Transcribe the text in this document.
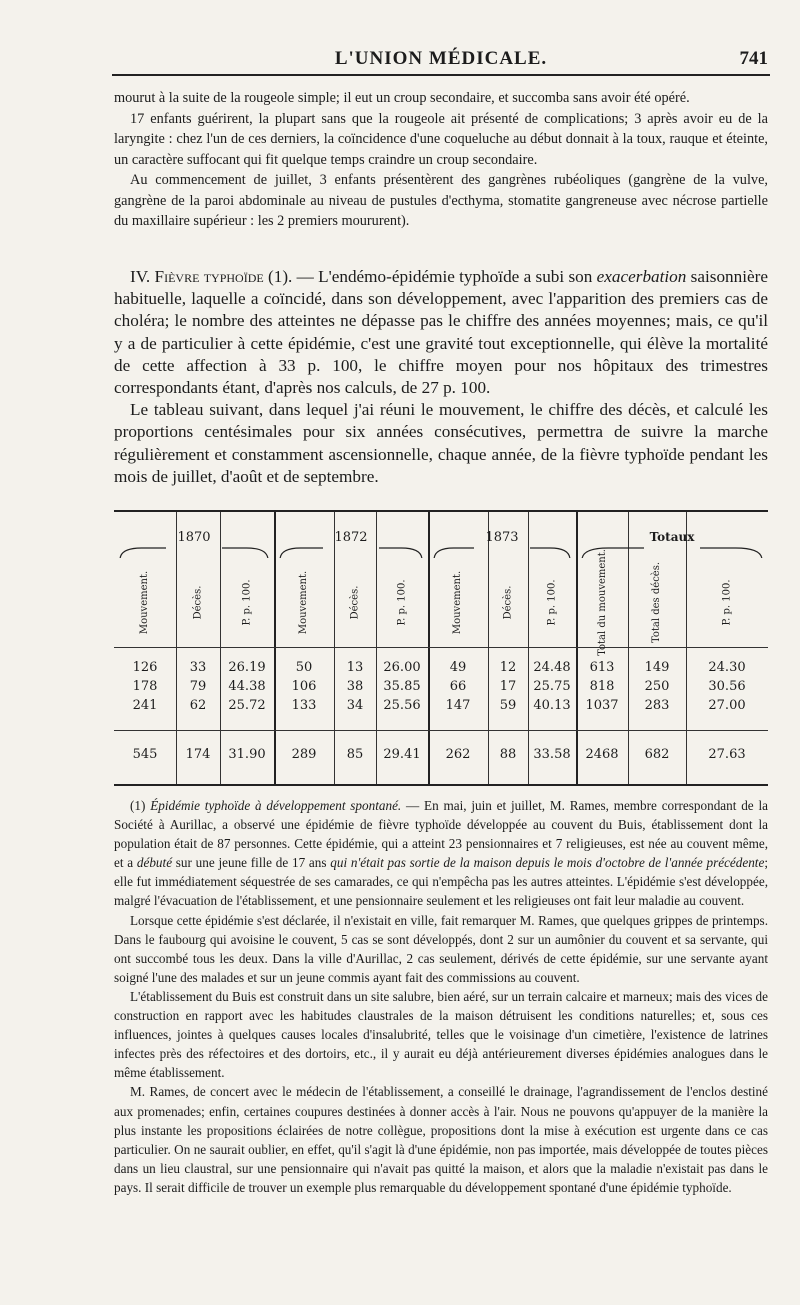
L'UNION MÉDICALE.	741

mourut à la suite de la rougeole simple; il eut un croup secondaire, et succomba sans avoir été opéré.

17 enfants guérirent, la plupart sans que la rougeole ait présenté de complications; 3 après avoir eu de la laryngite : chez l'un de ces derniers, la coïncidence d'une coqueluche au début donnait à la toux, rauque et éteinte, un caractère suffocant qui fit quelque temps craindre un croup secondaire.

Au commencement de juillet, 3 enfants présentèrent des gangrènes rubéoliques (gangrène de la vulve, gangrène de la paroi abdominale au niveau de pustules d'ecthyma, stomatite gangreneuse avec nécrose partielle du maxillaire supérieur : les 2 premiers moururent).

IV. Fièvre typhoïde (1). — L'endémo-épidémie typhoïde a subi son exacerbation saisonnière habituelle, laquelle a coïncidé, dans son développement, avec l'apparition des premiers cas de choléra; le nombre des atteintes ne dépasse pas le chiffre des années moyennes; mais, ce qu'il y a de particulier à cette épidémie, c'est une gravité tout exceptionnelle, qui élève la mortalité de cette affection à 33 p. 100, le chiffre moyen pour nos hôpitaux des trimestres correspondants étant, d'après nos calculs, de 27 p. 100.

Le tableau suivant, dans lequel j'ai réuni le mouvement, le chiffre des décès, et calculé les proportions centésimales pour six années consécutives, permettra de suivre la marche régulièrement et constamment ascensionnelle, chaque année, de la fièvre typhoïde pendant les mois de juillet, d'août et de septembre.

1870	1872	1873	Totaux
Mouvement.	Décès.	P. p. 100.	Mouvement.	Décès.	P. p. 100.	Mouvement.	Décès.	P. p. 100.	Total du mouvement.	Total des décès.	P. p. 100.
126	33	26.19	50	13	26.00	49	12	24.48	613	149	24.30
178	79	44.38	106	38	35.85	66	17	25.75	818	250	30.56
241	62	25.72	133	34	25.56	147	59	40.13	1037	283	27.00
545	174	31.90	289	85	29.41	262	88	33.58	2468	682	27.63

(1) Épidémie typhoïde à développement spontané. — En mai, juin et juillet, M. Rames, membre correspondant de la Société à Aurillac, a observé une épidémie de fièvre typhoïde développée au couvent du Buis, établissement dont la population était de 87 personnes. Cette épidémie, qui a atteint 23 pensionnaires et 7 religieuses, est née au couvent même, et a débuté sur une jeune fille de 17 ans qui n'était pas sortie de la maison depuis le mois d'octobre de l'année précédente; elle fut immédiatement séquestrée de ses camarades, ce qui n'empêcha pas les autres atteintes. L'épidémie s'est développée, malgré l'évacuation de l'établissement, et une pensionnaire seulement et les religieuses ont fait leur maladie au couvent.

Lorsque cette épidémie s'est déclarée, il n'existait en ville, fait remarquer M. Rames, que quelques grippes de printemps. Dans le faubourg qui avoisine le couvent, 5 cas se sont développés, dont 2 sur un aumônier du couvent et sa servante, qui ont succombé tous les deux. Dans la ville d'Aurillac, 2 cas seulement, dérivés de cette épidémie, sur une servante ayant soigné l'une des malades et sur un jeune commis ayant fait des commissions au couvent.

L'établissement du Buis est construit dans un site salubre, bien aéré, sur un terrain calcaire et marneux; mais des vices de construction en rapport avec les habitudes claustrales de la maison détruisent les conditions naturelles; et, sous ces influences, jointes à quelques causes locales d'insalubrité, telles que le voisinage d'un cimetière, l'existence de latrines infectes près des réfectoires et des dortoirs, etc., il y aurait eu déjà antérieurement diverses épidémies analogues dans le même établissement.

M. Rames, de concert avec le médecin de l'établissement, a conseillé le drainage, l'agrandissement de l'enclos destiné aux promenades; enfin, certaines coupures destinées à donner accès à l'air. Nous ne pouvons qu'appuyer de la manière la plus instante les propositions éclairées de notre collègue, propositions dont la mise à exécution est urgente dans ce cas particulier. On ne saurait oublier, en effet, qu'il s'agit là d'une épidémie, non pas importée, mais développée de toutes pièces dans un lieu claustral, sur une pensionnaire qui n'avait pas quitté la maison, et alors que la maladie n'existait pas dans le pays. Il serait difficile de trouver un exemple plus remarquable du développement spontané d'une épidémie typhoïde.
